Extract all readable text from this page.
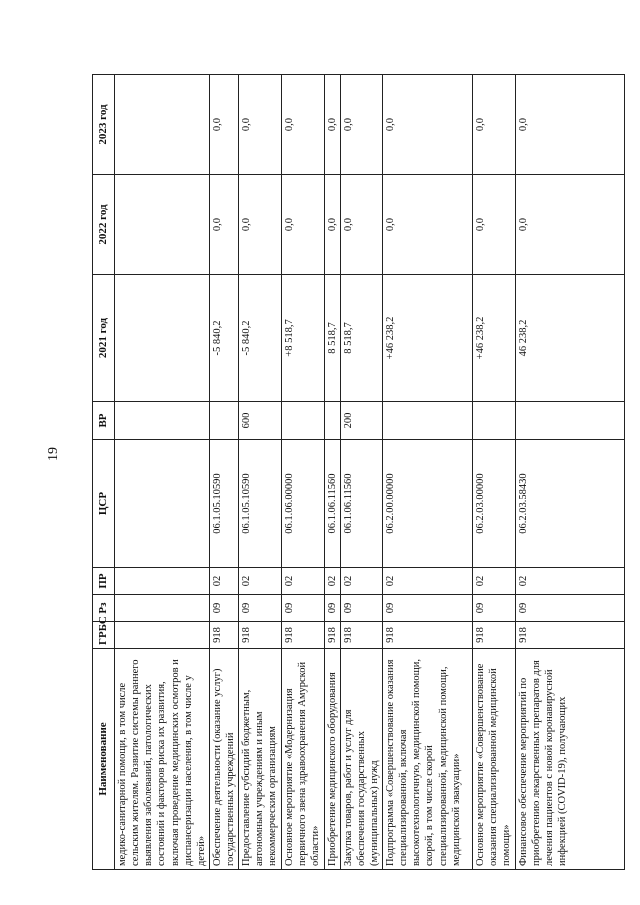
19
Наименование	ГРБС	Рз	ПР	ЦСР	ВР	2021 год	2022 год	2023 год
медико-санитарной помощи, в том числе сельским жителям. Развитие системы раннего выявления заболеваний, патологических состояний и факторов риска их развития, включая проведение медицинских осмотров и диспансеризации населения, в том числе у детей»								
Обеспечение деятельности (оказание услуг) государственных учреждений	918	09	02	06.1.05.10590		-5 840,2	0,0	0,0
Предоставление субсидий бюджетным, автономным учреждениям и иным некоммерческим организациям	918	09	02	06.1.05.10590	600	-5 840,2	0,0	0,0
Основное мероприятие «Модернизация первичного звена здравоохранения Амурской области»	918	09	02	06.1.06.00000		+8 518,7	0,0	0,0
Приобретение медицинского оборудования	918	09	02	06.1.06.11560		8 518,7	0,0	0,0
Закупка товаров, работ и услуг для обеспечения государственных (муниципальных) нужд	918	09	02	06.1.06.11560	200	8 518,7	0,0	0,0
Подпрограмма «Совершенствование оказания специализированной, включая высокотехнологичную, медицинской помощи, скорой, в том числе скорой специализированной, медицинской помощи, медицинской эвакуации»	918	09	02	06.2.00.00000		+46 238,2	0,0	0,0
Основное мероприятие «Совершенствование оказания специализированной медицинской помощи»	918	09	02	06.2.03.00000		+46 238,2	0,0	0,0
Финансовое обеспечение мероприятий по приобретению лекарственных препаратов для лечения пациентов с новой коронавирусной инфекцией (COVID-19), получающих	918	09	02	06.2.03.58430		46 238,2	0,0	0,0
